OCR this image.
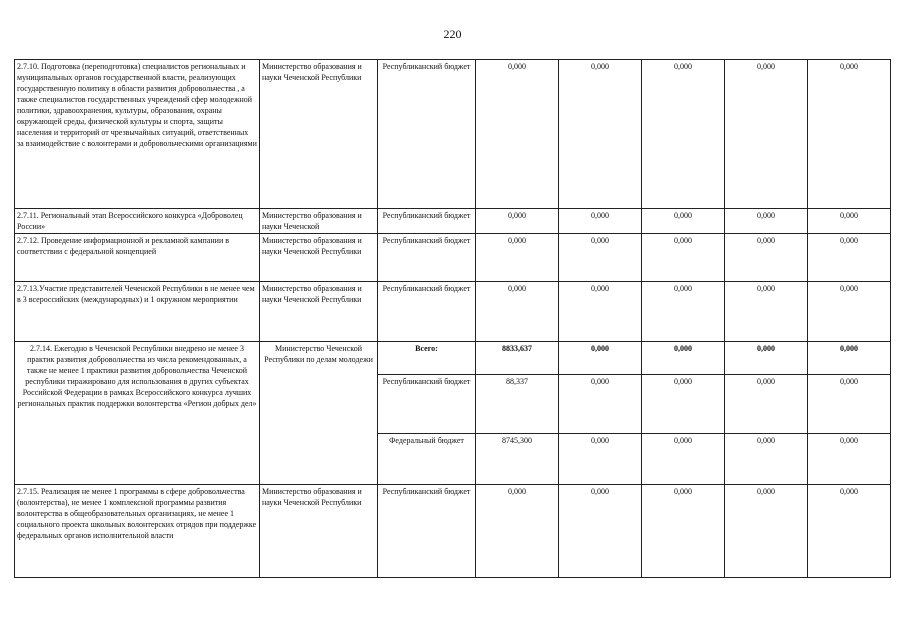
220
2.7.10. Подготовка (переподготовка) специалистов региональных и муниципальных органов государственной власти, реализующих государственную политику в области развития добровольчества , а также специалистов государственных учреждений сфер молодежной политики, здравоохранения, культуры, образования, охраны окружающей среды, физической культуры и спорта, защиты населения и территорий от чрезвычайных ситуаций, ответственных за взаимодействие с волонтерами и добровольческими организациями	Министерство образования и науки Чеченской Республики	Республиканский бюджет	0,000	0,000	0,000	0,000	0,000
2.7.11. Региональный этап Всероссийского конкурса «Доброволец России»	Министерство образования и науки Чеченской	Республиканский бюджет	0,000	0,000	0,000	0,000	0,000
2.7.12. Проведение информационной и рекламной кампании в соответствии с федеральной концепцией	Министерство образования и науки Чеченской Республики	Республиканский бюджет	0,000	0,000	0,000	0,000	0,000
2.7.13.Участие представителей Чеченской Республики в не менее чем в 3 всероссийских (международных) и 1 окружном мероприятии	Министерство образования и науки Чеченской Республики	Республиканский бюджет	0,000	0,000	0,000	0,000	0,000
2.7.14. Ежегодно в Чеченской Республики внедрено не менее 3 практик развития добровольчества из числа рекомендованных, а также не менее 1 практики развития добровольчества Чеченской республики тиражировано для использования в других субъектах Российской Федерации в рамках Всероссийского конкурса лучших региональных практик поддержки волонтерства «Регион добрых дел»	Министерство Чеченской Республики по делам молодежи	Всего:	8833,637	0,000	0,000	0,000	0,000
		Республиканский бюджет	88,337	0,000	0,000	0,000	0,000
		Федеральный бюджет	8745,300	0,000	0,000	0,000	0,000
2.7.15. Реализация не менее 1 программы в сфере добровольчества (волонтерства), не менее 1 комплексной программы развития волонтерства в общеобразовательных организациях, не менее 1 социального проекта школьных волонтерских отрядов при поддержке федеральных органов исполнительной власти	Министерство образования и науки Чеченской Республики	Республиканский бюджет	0,000	0,000	0,000	0,000	0,000
